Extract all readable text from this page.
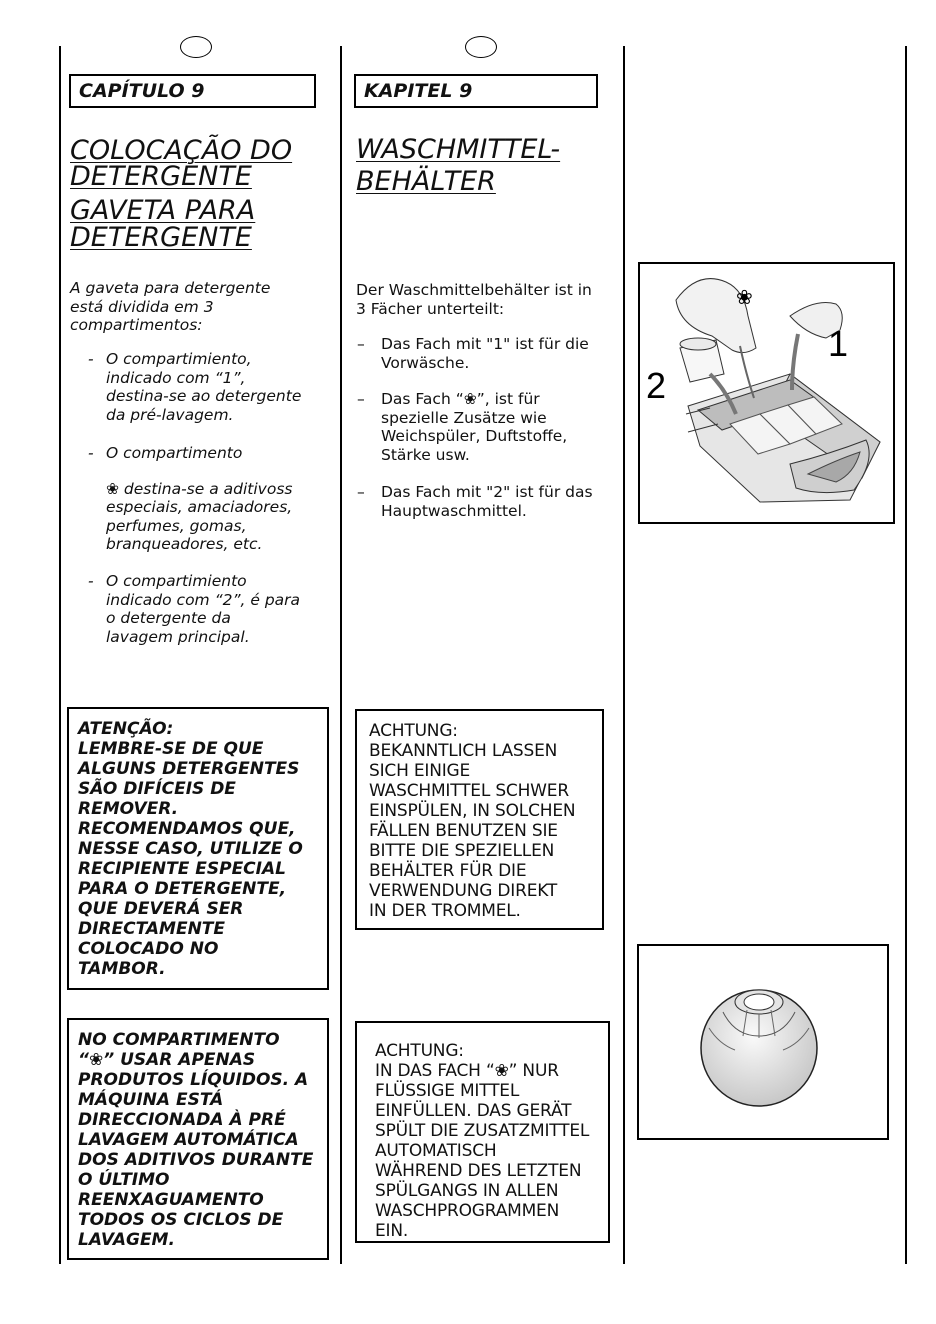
CAPÍTULO 9
COLOCAÇÃO DO
DETERGENTE
GAVETA PARA
DETERGENTE
A gaveta para detergente
está dividida em 3
compartimentos:
- O compartimiento,
indicado com “1”,
destina-se ao detergente
da pré-lavagem.
- O compartimento
❀ destina-se a aditivoss
especiais, amaciadores,
perfumes, gomas,
branqueadores, etc.
- O compartimiento
indicado com “2”, é para
o detergente da
lavagem principal.

ATENÇÃO:

LEMBRE-SE DE QUE

ALGUNS DETERGENTES

SÃO DIFÍCEIS DE

REMOVER.

RECOMENDAMOS QUE,

NESSE CASO, UTILIZE O

RECIPIENTE ESPECIAL

PARA O DETERGENTE,

QUE DEVERÁ SER

DIRECTAMENTE

COLOCADO NO

TAMBOR.

NO COMPARTIMENTO

“❀” USAR APENAS

PRODUTOS LÍQUIDOS. A

MÁQUINA ESTÁ

DIRECCIONADA À PRÉ

LAVAGEM AUTOMÁTICA

DOS ADITIVOS DURANTE

O ÚLTIMO

REENXAGUAMENTO

TODOS OS CICLOS DE

LAVAGEM.

KAPITEL 9
WASCHMITTEL-
BEHÄLTER
Der Waschmittelbehälter ist in
3 Fächer unterteilt:
– Das Fach mit "1" ist für die
Vorwäsche.
– Das Fach “❀”, ist für
spezielle Zusätze wie
Weichspüler, Duftstoffe,
Stärke usw.
– Das Fach mit "2" ist für das
Hauptwaschmittel.

ACHTUNG:

BEKANNTLICH LASSEN

SICH EINIGE

WASCHMITTEL SCHWER

EINSPÜLEN, IN SOLCHEN

FÄLLEN BENUTZEN SIE

BITTE DIE SPEZIELLEN

BEHÄLTER FÜR DIE

VERWENDUNG DIREKT

IN DER TROMMEL.

ACHTUNG:

IN DAS FACH “❀” NUR

FLÜSSIGE MITTEL

EINFÜLLEN. DAS GERÄT

SPÜLT DIE ZUSATZMITTEL

AUTOMATISCH

WÄHREND DES LETZTEN

SPÜLGANGS IN ALLEN

WASCHPROGRAMMEN

EIN.

❀
1
2
